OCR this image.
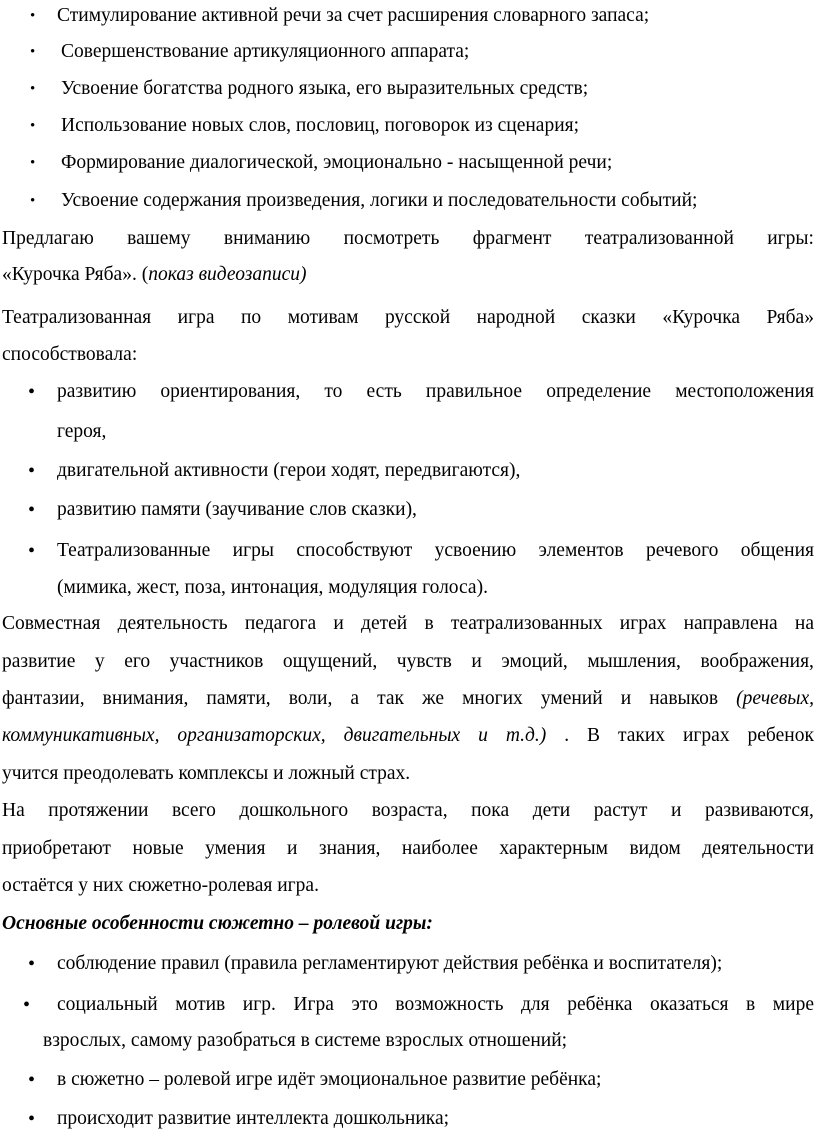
• Стимулирование активной речи за счет расширения словарного запаса;
• Совершенствование артикуляционного аппарата;
• Усвоение богатства родного языка, его выразительных средств;
• Использование новых слов, пословиц, поговорок из сценария;
• Формирование диалогической, эмоционально - насыщенной речи;
• Усвоение содержания произведения, логики и последовательности событий;
Предлагаю вашему вниманию посмотреть фрагмент театрализованной игры:
«Курочка Ряба». (показ видеозаписи)
Театрализованная игра по мотивам русской народной сказки «Курочка Ряба»
способствовала:
• развитию ориентирования, то есть правильное определение местоположения
героя,
• двигательной активности (герои ходят, передвигаются),
• развитию памяти (заучивание слов сказки),
• Театрализованные игры способствуют усвоению элементов речевого общения
(мимика, жест, поза, интонация, модуляция голоса).
Совместная деятельность педагога и детей в театрализованных играх направлена на
развитие у его участников ощущений, чувств и эмоций, мышления, воображения,
фантазии, внимания, памяти, воли, а так же многих умений и навыков (речевых,
коммуникативных, организаторских, двигательных и т.д.) . В таких играх ребенок
учится преодолевать комплексы и ложный страх.
На протяжении всего дошкольного возраста, пока дети растут и развиваются,
приобретают новые умения и знания, наиболее характерным видом деятельности
остаётся у них сюжетно-ролевая игра.
Основные особенности сюжетно – ролевой игры:
• соблюдение правил (правила регламентируют действия ребёнка и воспитателя);
• социальный мотив игр. Игра это возможность для ребёнка оказаться в мире
взрослых, самому разобраться в системе взрослых отношений;
• в сюжетно – ролевой игре идёт эмоциональное развитие ребёнка;
• происходит развитие интеллекта дошкольника;
